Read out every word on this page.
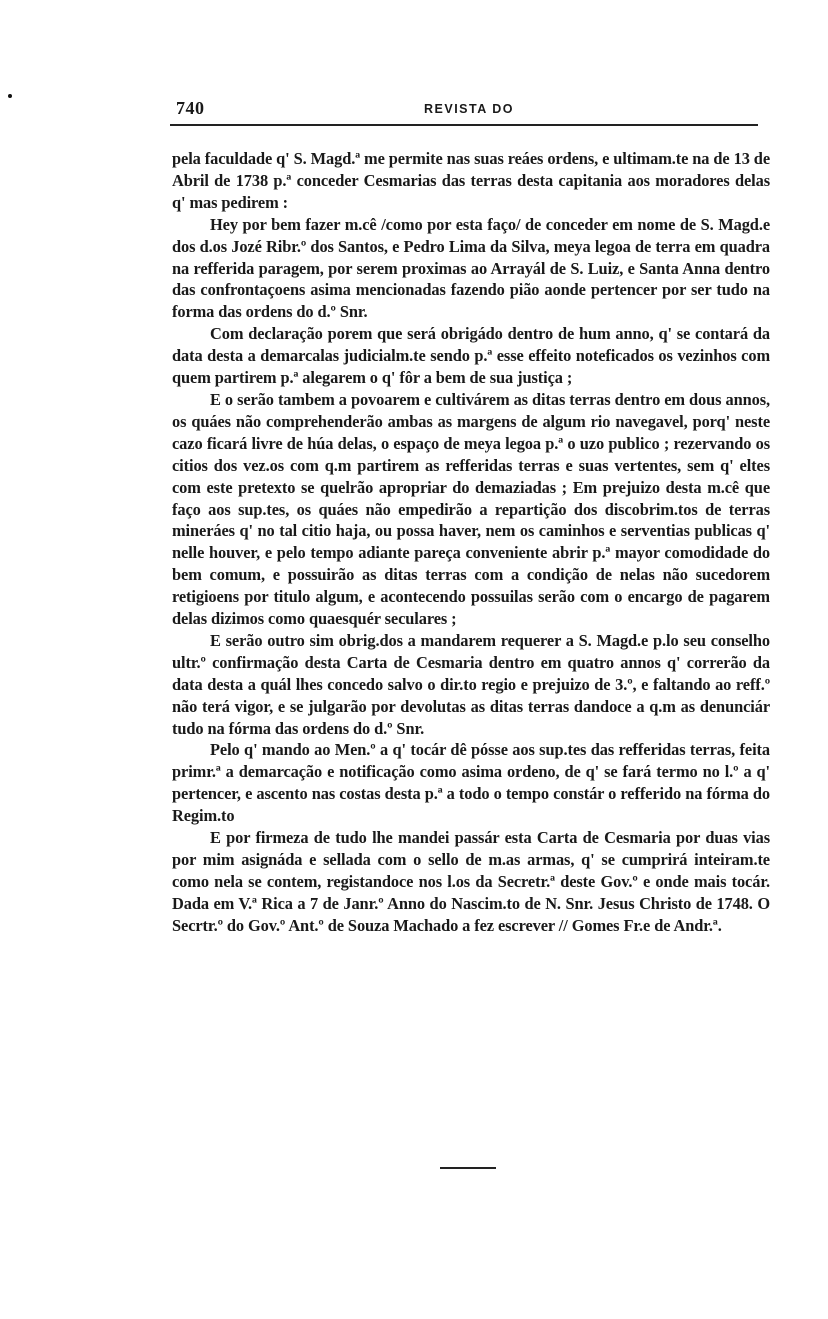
740	REVISTA DO

pela faculdade q' S. Magd.ª me permite nas suas reáes ordens, e ultimam.te na de 13 de Abril de 1738 p.ª conceder Cesmarias das terras desta capitania aos moradores delas q' mas pedirem :

Hey por bem fazer m.cê /como por esta faço/ de conceder em nome de S. Magd.e dos d.os Jozé Ribr.º dos Santos, e Pedro Lima da Silva, meya legoa de terra em quadra na refferida paragem, por serem proximas ao Arrayál de S. Luiz, e Santa Anna dentro das confrontaçoens asima mencionadas fazendo pião aonde pertencer por ser tudo na forma das ordens do d.º Snr.

Com declaração porem que será obrigádo dentro de hum anno, q' se contará da data desta a demarcalas judicialm.te sendo p.ª esse effeito noteficados os vezinhos com quem partirem p.ª alegarem o q' fôr a bem de sua justiça ;

E o serão tambem a povoarem e cultivárem as ditas terras dentro em dous annos, os quáes não comprehenderão ambas as margens de algum rio navegavel, porq' neste cazo ficará livre de húa delas, o espaço de meya legoa p.ª o uzo publico ; rezervando os citios dos vez.os com q.m partirem as refferidas terras e suas vertentes, sem q' eltes com este pretexto se quelrão apropriar do demaziadas ; Em prejuizo desta m.cê que faço aos sup.tes, os quáes não empedirão a repartição dos discobrim.tos de terras mineráes q' no tal citio haja, ou possa haver, nem os caminhos e serventias publicas q' nelle houver, e pelo tempo adiante pareça conveniente abrir p.ª mayor comodidade do bem comum, e possuirão as ditas terras com a condição de nelas não sucedorem retigioens por titulo algum, e acontecendo possuilas serão com o encargo de pagarem delas dizimos como quaesquér seculares ;

E serão outro sim obrig.dos a mandarem requerer a S. Magd.e p.lo seu conselho ultr.º confirmação desta Carta de Cesmaria dentro em quatro annos q' correrão da data desta a quál lhes concedo salvo o dir.to regio e prejuizo de 3.º, e faltando ao reff.º não terá vigor, e se julgarão por devolutas as ditas terras dandoce a q.m as denunciár tudo na fórma das ordens do d.º Snr.

Pelo q' mando ao Men.º a q' tocár dê pósse aos sup.tes das refferidas terras, feita primr.ª a demarcação e notificação como asima ordeno, de q' se fará termo no l.º a q' pertencer, e ascento nas costas desta p.ª a todo o tempo constár o refferido na fórma do Regim.to

E por firmeza de tudo lhe mandei passár esta Carta de Cesmaria por duas vias por mim asignáda e sellada com o sello de m.as armas, q' se cumprirá inteiram.te como nela se contem, registandoce nos l.os da Secretr.ª deste Gov.º e onde mais tocár. Dada em V.ª Rica a 7 de Janr.º Anno do Nascim.to de N. Snr. Jesus Christo de 1748. O Secrtr.º do Gov.º Ant.º de Souza Machado a fez escrever // Gomes Fr.e de Andr.ª.
